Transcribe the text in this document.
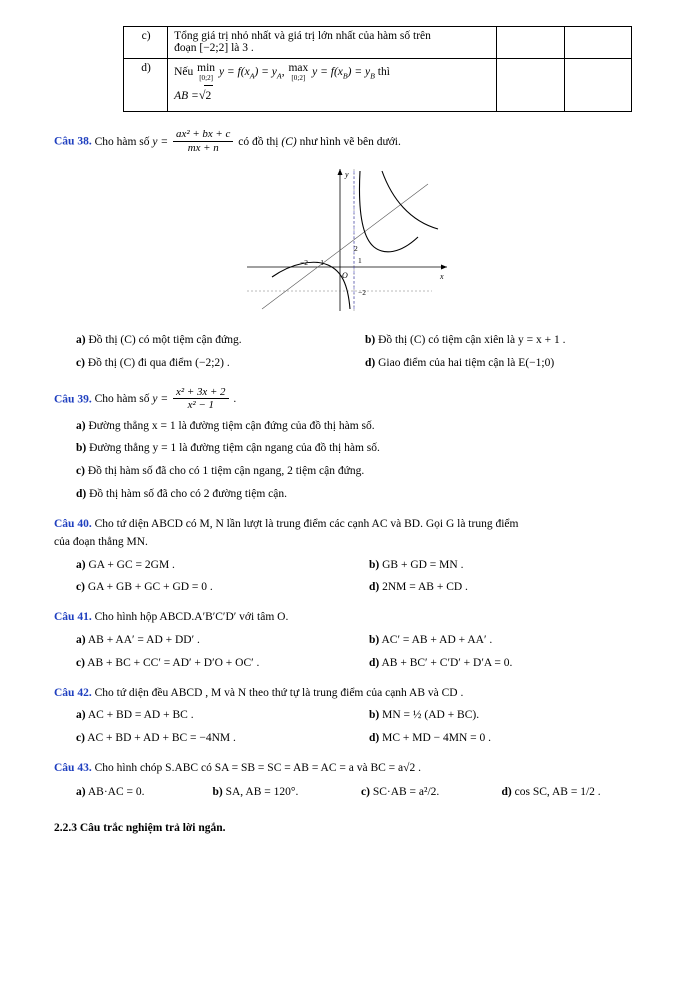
c)	Tổng giá trị nhỏ nhất và giá trị lớn nhất của hàm số trên
đoạn [−2;2] là 3 .		
d)	Nếu min
[0;2]
$y = f(x_A) = y_A$, max
[0;2]
$y = f(x_B) = y_B$ thì
AB =√2		
Câu 38. Cho hàm số $y = \frac{\text{ax² + bx + c}}{mx + n}$ có đồ thị (C) như hình vẽ bên dưới.
x
y
O
−2 −1	1
2
−2
a) Đồ thị (C) có một tiệm cận đứng.	b) Đồ thị (C) có tiệm cận xiên là y = x + 1 .
c) Đồ thị (C) đi qua điểm (−2;2) .	d) Giao điểm của hai tiệm cận là E(−1;0)
Câu 39. Cho hàm số $y = \frac{\text{x² + 3x + 2}}{\text{x² − 1}}$ .
a) Đường thẳng x = 1 là đường tiệm cận đứng của đồ thị hàm số.
b) Đường thẳng y = 1 là đường tiệm cận ngang của đồ thị hàm số.
c) Đồ thị hàm số đã cho có 1 tiệm cận ngang, 2 tiệm cận đứng.
d) Đồ thị hàm số đã cho có 2 đường tiệm cận.
Câu 40. Cho tứ diện ABCD có M, N lần lượt là trung điểm các cạnh AC và BD. Gọi G là trung điểm
của đoạn thẳng MN.
a) GA + GC = 2GM .	b) GB + GD = MN .
c) GA + GB + GC + GD = 0 .	d) 2NM = AB + CD .
Câu 41. Cho hình hộp ABCD.A′B′C′D′ với tâm O.
a) AB + AA′ = AD + DD′ .	b) AC′ = AB + AD + AA′ .
c) AB + BC + CC′ = AD′ + D′O + OC′ .	d) AB + BC′ + C′D′ + D′A = 0.
Câu 42. Cho tứ diện đều ABCD , M và N theo thứ tự là trung điểm của cạnh AB và CD .
a) AC + BD = AD + BC .	b) MN = ½ (AD + BC).
c) AC + BD + AD + BC = −4NM .	d) MC + MD − 4MN = 0 .
Câu 43. Cho hình chóp S.ABC có SA = SB = SC = AB = AC = a và BC = a√2 .
a) AB·AC = 0.	b) SA, AB = 120°.	c) SC·AB = a²/2.	d) cos SC, AB = 1/2 .
2.2.3 Câu trắc nghiệm trả lời ngắn.
